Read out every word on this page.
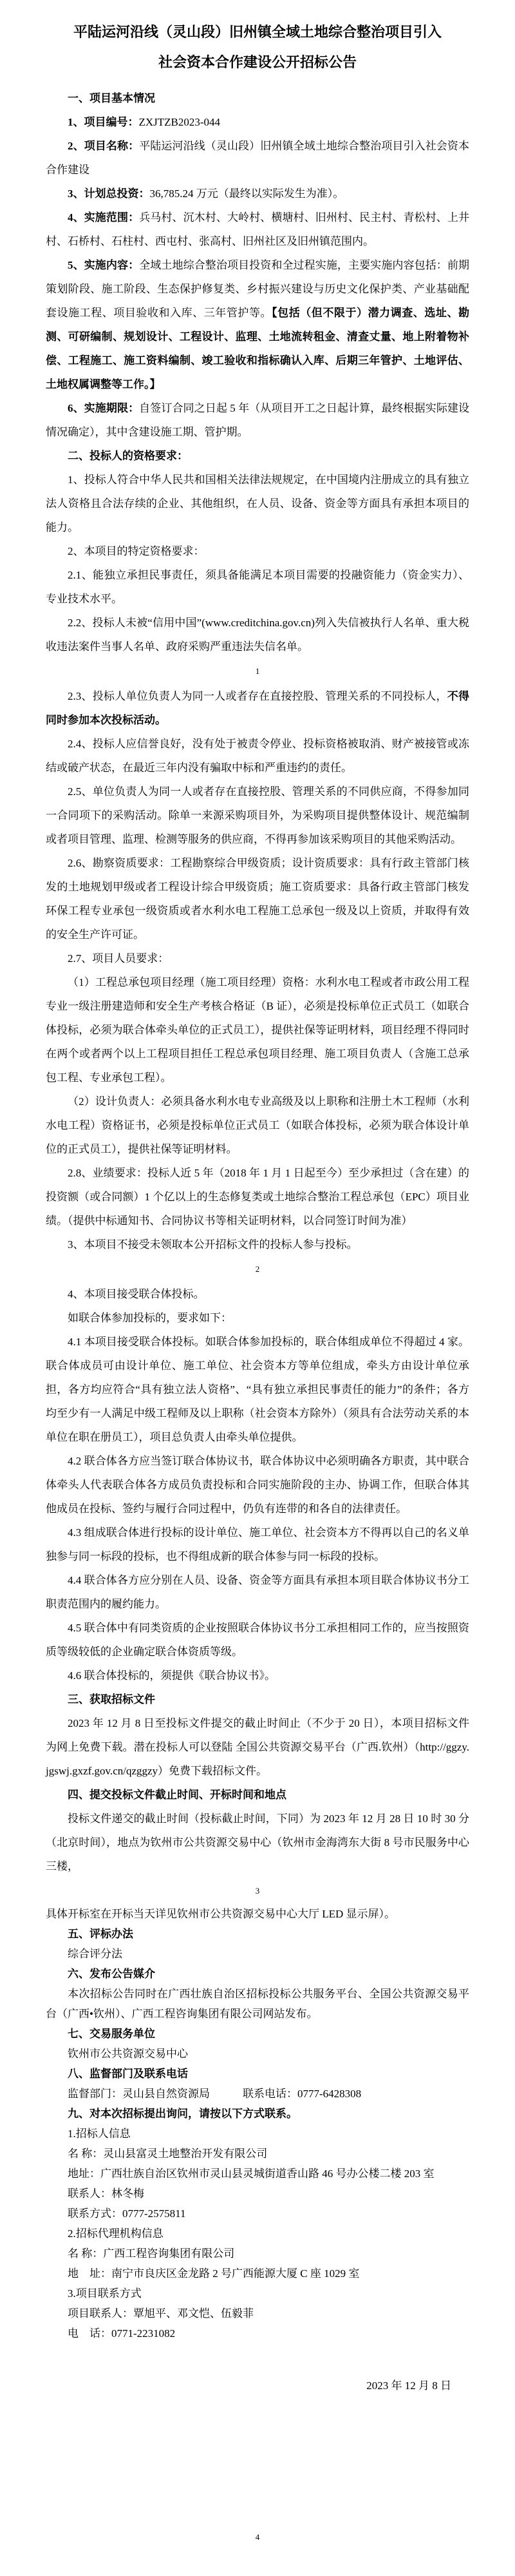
平陆运河沿线（灵山段）旧州镇全域土地综合整治项目引入
社会资本合作建设公开招标公告

一、项目基本情况

1、项目编号：ZXJTZB2023-044

2、项目名称：平陆运河沿线（灵山段）旧州镇全域土地综合整治项目引入社会资本合作建设

3、计划总投资：36,785.24 万元（最终以实际发生为准）。

4、实施范围：兵马村、沉木村、大岭村、横塘村、旧州村、民主村、青松村、上井村、石桥村、石柱村、西屯村、张高村、旧州社区及旧州镇范围内。

5、实施内容：全域土地综合整治项目投资和全过程实施，主要实施内容包括：前期策划阶段、施工阶段、生态保护修复类、乡村振兴建设与历史文化保护类、产业基础配套设施工程、项目验收和入库、三年管护等。【包括（但不限于）潜力调查、选址、勘测、可研编制、规划设计、工程设计、监理、土地流转租金、清查丈量、地上附着物补偿、工程施工、施工资料编制、竣工验收和指标确认入库、后期三年管护、土地评估、土地权属调整等工作。】

6、实施期限：自签订合同之日起 5 年（从项目开工之日起计算，最终根据实际建设情况确定），其中含建设施工期、管护期。

二、投标人的资格要求：

1、投标人符合中华人民共和国相关法律法规规定，在中国境内注册成立的具有独立法人资格且合法存续的企业、其他组织，在人员、设备、资金等方面具有承担本项目的能力。

2、本项目的特定资格要求：

2.1、能独立承担民事责任，须具备能满足本项目需要的投融资能力（资金实力）、专业技术水平。

2.2、投标人未被“信用中国”(www.creditchina.gov.cn)列入失信被执行人名单、重大税收违法案件当事人名单、政府采购严重违法失信名单。

1

2.3、投标人单位负责人为同一人或者存在直接控股、管理关系的不同投标人，不得同时参加本次投标活动。

2.4、投标人应信誉良好，没有处于被责令停业、投标资格被取消、财产被接管或冻结或破产状态，在最近三年内没有骗取中标和严重违约的责任。

2.5、单位负责人为同一人或者存在直接控股、管理关系的不同供应商，不得参加同一合同项下的采购活动。除单一来源采购项目外，为采购项目提供整体设计、规范编制或者项目管理、监理、检测等服务的供应商，不得再参加该采购项目的其他采购活动。

2.6、勘察资质要求：工程勘察综合甲级资质；设计资质要求：具有行政主管部门核发的土地规划甲级或者工程设计综合甲级资质；施工资质要求：具备行政主管部门核发环保工程专业承包一级资质或者水利水电工程施工总承包一级及以上资质，并取得有效的安全生产许可证。

2.7、项目人员要求：

（1）工程总承包项目经理（施工项目经理）资格：水利水电工程或者市政公用工程专业一级注册建造师和安全生产考核合格证（B 证），必须是投标单位正式员工（如联合体投标，必须为联合体牵头单位的正式员工），提供社保等证明材料，项目经理不得同时在两个或者两个以上工程项目担任工程总承包项目经理、施工项目负责人（含施工总承包工程、专业承包工程）。

（2）设计负责人：必须具备水利水电专业高级及以上职称和注册土木工程师（水利水电工程）资格证书，必须是投标单位正式员工（如联合体投标，必须为联合体设计单位的正式员工），提供社保等证明材料。

2.8、业绩要求：投标人近 5 年（2018 年 1 月 1 日起至今）至少承担过（含在建）的投资额（或合同额）1 个亿以上的生态修复类或土地综合整治工程总承包（EPC）项目业绩。（提供中标通知书、合同协议书等相关证明材料，以合同签订时间为准）

3、本项目不接受未领取本公开招标文件的投标人参与投标。

2

4、本项目接受联合体投标。

如联合体参加投标的，要求如下：

4.1 本项目接受联合体投标。如联合体参加投标的，联合体组成单位不得超过 4 家。联合体成员可由设计单位、施工单位、社会资本方等单位组成，牵头方由设计单位承担，各方均应符合“具有独立法人资格”、“具有独立承担民事责任的能力”的条件；各方均至少有一人满足中级工程师及以上职称（社会资本方除外）（须具有合法劳动关系的本单位在职在册员工），项目总负责人由牵头单位提供。

4.2 联合体各方应当签订联合体协议书，联合体协议中必须明确各方职责，其中联合体牵头人代表联合体各方成员负责投标和合同实施阶段的主办、协调工作，但联合体其他成员在投标、签约与履行合同过程中，仍负有连带的和各自的法律责任。

4.3 组成联合体进行投标的设计单位、施工单位、社会资本方不得再以自己的名义单独参与同一标段的投标，也不得组成新的联合体参与同一标段的投标。

4.4 联合体各方应分别在人员、设备、资金等方面具有承担本项目联合体协议书分工职责范围内的履约能力。

4.5 联合体中有同类资质的企业按照联合体协议书分工承担相同工作的，应当按照资质等级较低的企业确定联合体资质等级。

4.6 联合体投标的，须提供《联合协议书》。

三、获取招标文件

2023 年 12 月 8 日至投标文件提交的截止时间止（不少于 20 日），本项目招标文件为网上免费下载。潜在投标人可以登陆 全国公共资源交易平台（广西.钦州）（http://ggzy.jgswj.gxzf.gov.cn/qzggzy）免费下载招标文件。

四、提交投标文件截止时间、开标时间和地点

投标文件递交的截止时间（投标截止时间，下同）为 2023 年 12 月 28 日 10 时 30 分（北京时间），地点为钦州市公共资源交易中心（钦州市金海湾东大街 8 号市民服务中心三楼，

3

具体开标室在开标当天详见钦州市公共资源交易中心大厅 LED 显示屏）。

五、评标办法

综合评分法

六、发布公告媒介

本次招标公告同时在广西壮族自治区招标投标公共服务平台、全国公共资源交易平台（广西•钦州）、广西工程咨询集团有限公司网站发布。

七、交易服务单位

钦州市公共资源交易中心

八、监督部门及联系电话

监督部门：灵山县自然资源局　　　联系电话：0777-6428308

九、对本次招标提出询问，请按以下方式联系。

1.招标人信息

名 称：灵山县富灵土地整治开发有限公司

地址：广西壮族自治区钦州市灵山县灵城街道香山路 46 号办公楼二楼 203 室

联系人：林冬梅

联系方式：0777-2575811

2.招标代理机构信息

名 称：广西工程咨询集团有限公司

地　址：南宁市良庆区金龙路 2 号广西能源大厦 C 座 1029 室

3.项目联系方式

项目联系人：覃旭平、邓文恺、伍毅菲

电　话：0771-2231082

2023 年 12 月 8 日
4
